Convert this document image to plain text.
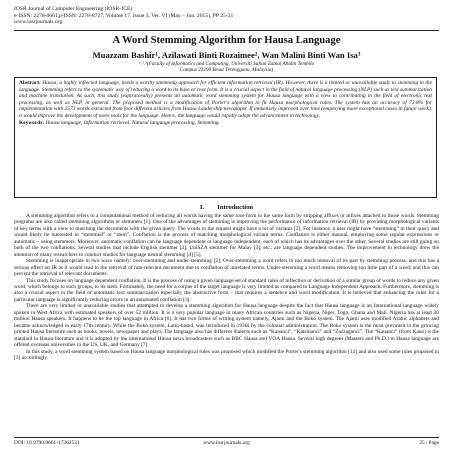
IOSR Journal of Computer Engineering (IOSR-JCE)
e-ISSN: 2278-0661,p-ISSN: 2278-8727, Volume 17, Issue 3, Ver. VI (May – Jun. 2015), PP 25-31
www.iosrjournals.org
A Word Stemming Algorithm for Hausa Language
Muazzam Bashir¹, Azilawati Binti Rozaimee², Wan Malini Binti Wan Isa³
¹˒²˒³(Faculty of Informatics and Computing, Universiti Sultan Zainal Abidin Tembila
Campus 22200 Besut Terengganu, Malaysia)
Abstract: Hausa, a highly inflected language, needs a worthy stemming approach for efficient information retrieval (IR). However, there is a limited or unavailable study to stemming in the language. Stemming refers to the systematic way of reducing a word to its base or root form. It is a crucial aspect in the field of natural language processing (NLP) such as text summarization and machine translation. As such, this study (expiratorally) presents an automatic word stemming system for Hausa language with a view to contributing in the field of electronic text processing, as well as NLP, in general. The proposed method is a modification of Porter's algorithm to fit Hausa morphological rules. The system has an accuracy of 73.8% for implementation with 2573 words extracted from four different articles from Hausa Leadership newspaper. If immensely improved over time (employing more exceptional cases in future work), it would improve the development of more tools for the language. Hence, the language would rapidly adopt the advancement in technology.
Keywords: Hausa language, Information retrieval, Natural language processing, Stemming.
I.  Introduction

A stemming algorithm refers to a computational method of reducing all words having the same root-form to the same form by stripping affixes or infixes attached to those words. Stemming programs are also called stemming algorithms or stemmers [1]. One of the advantages of stemming is improving the performance of information retrieval (IR) by providing morphological variants of key terms with a view to matching the documents with the given query. The words in the request might have a lot of variants [2]. For instance, a user might have “stemming” in their query and would likely be interested in “stemmed” or “stem”. Conflation is the process of matching morphological variant terms. Conflation is either manual, employing some regular expressions or automatic – using stemmers. Moreover, automatic conflation can be language dependent or language independent, each of which has its advantages over the other. Several studies are still going on both of the two conflations. Several studies that include English stemmer [3], UniSZA stemmer for Malay [3], etc., are language dependent studies. The improvement in technology drew the attention of many researchers to conduct studies for language neutral stemming [4] [5].

Stemming is inappropriate in two ways namely: over-stemming and under-stemming [2]. Over-stemming a word refers to too much removal of its part by stemming process, and this has a serious effect on IR as it would lead to the retrieval of non-relevant document due to conflation of unrelated terms. Under-stemming a word means removing too little part of a word, and this can prevent the retrieval of relevant documents.

This study focuses on language dependent conflation. It is the process of using a given language set of standard rules of inflection or derivation of a similar group of words to reduce any given word, which belongs to such groups, to its stem. Fortunately, the need for a corpus of the target language is very limited as compared to Language Independent Approach. Furthermore, stemming is also a crucial aspect in the field of automatic text summarization especially the abstractive form – that requires a sentence and word modification. It is believed that enhancing the rules for a particular language is significantly reducing errors in an automated conflation [3].

There are very limited or unavailable studies that attempted to develop a stemming algorithm for Hausa language despite the fact that Hausa language is an International language widely spoken in West Africa with estimated speakers of over 52 million. It is a very popular language in many African countries such as Nigeria, Niger, Togo, Ghana and Mali. Nigeria has at least 30 million Hausa speakers. It happens to be the top language in Africa [6]. It has two forms of writing system namely, Ajami and the Boko system. The Ajami uses modified Arabic alphabets and became acknowledged in early 17th century. While the Boko system, Latin-based, was introduced in 1930s by the colonial administration. The Boko system is the most prevalent in the growing printed Hausa literature such as books, novels, newspaper and plays. The language also has different dialects such as “Kananci”, “Katsinanci” and “Zazzaganci”. The “Kananci” (from Kano) is the standard in Hausa literature and it is adopted by the international Hausa news broadcasters such as BBC Hausa and VOA Hausa. Several high degrees (Masters and Ph.D.) in Hausa language are offered overseas universities in the US, UK, and Germany [7].

In this study, a word stemming system based on Hausa language morphological rules was proposed which modified the Porter's stemming algorithm [12] and also used some rules proposed in [3] accordingly.

DOI: 10.9790/0661-17362531	www.iosrjournals.org	25 | Page
